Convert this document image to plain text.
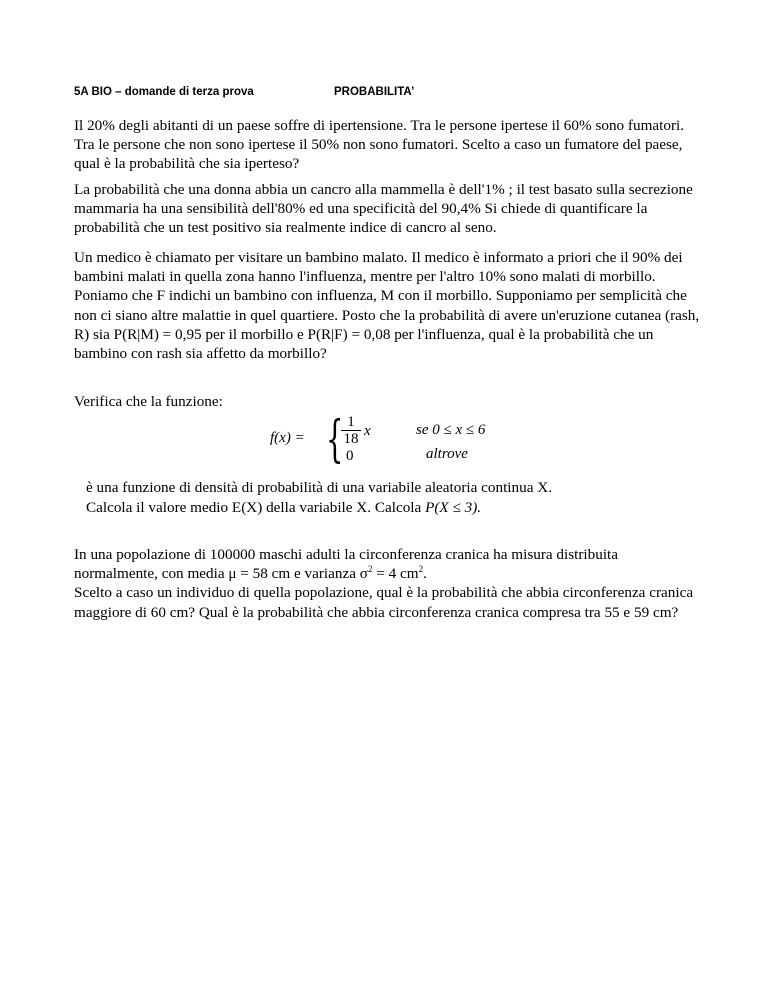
5A BIO – domande di terza prova	PROBABILITA’

Il 20% degli abitanti di un paese soffre di ipertensione. Tra le persone ipertese il 60% sono fumatori. Tra le persone che non sono ipertese il 50% non sono fumatori. Scelto a caso un fumatore del paese, qual è la probabilità che sia iperteso?

La probabilità che una donna abbia un cancro alla mammella è dell'1% ; il test basato sulla secrezione mammaria ha una sensibilità dell'80% ed una specificità del 90,4% Si chiede di quantificare la probabilità che un test positivo sia realmente indice di cancro al seno.

Un medico è chiamato per visitare un bambino malato. Il medico è informato a priori che il 90% dei bambini malati in quella zona hanno l'influenza, mentre per l'altro 10% sono malati di morbillo. Poniamo che F indichi un bambino con influenza, M con il morbillo. Supponiamo per semplicità che non ci siano altre malattie in quel quartiere. Posto che la probabilità di avere un'eruzione cutanea (rash, R) sia P(R|M) = 0,95 per il morbillo e P(R|F) = 0,08 per l'influenza, qual è la probabilità che un bambino con rash sia affetto da morbillo?

Verifica che la funzione:

f(x) = { 1
18 x
0
se 0 ≤ x ≤ 6
altrove
è una funzione di densità di probabilità di una variabile aleatoria continua X.
Calcola il valore medio E(X) della variabile X. Calcola P(X ≤ 3).
In una popolazione di 100000 maschi adulti la circonferenza cranica ha misura distribuita
normalmente, con media μ = 58 cm e varianza $\sigma^2 = 4$ $cm^2$.
Scelto a caso un individuo di quella popolazione, qual è la probabilità che abbia circonferenza cranica maggiore di 60 cm? Qual è la probabilità che abbia circonferenza cranica compresa tra 55 e 59 cm?
